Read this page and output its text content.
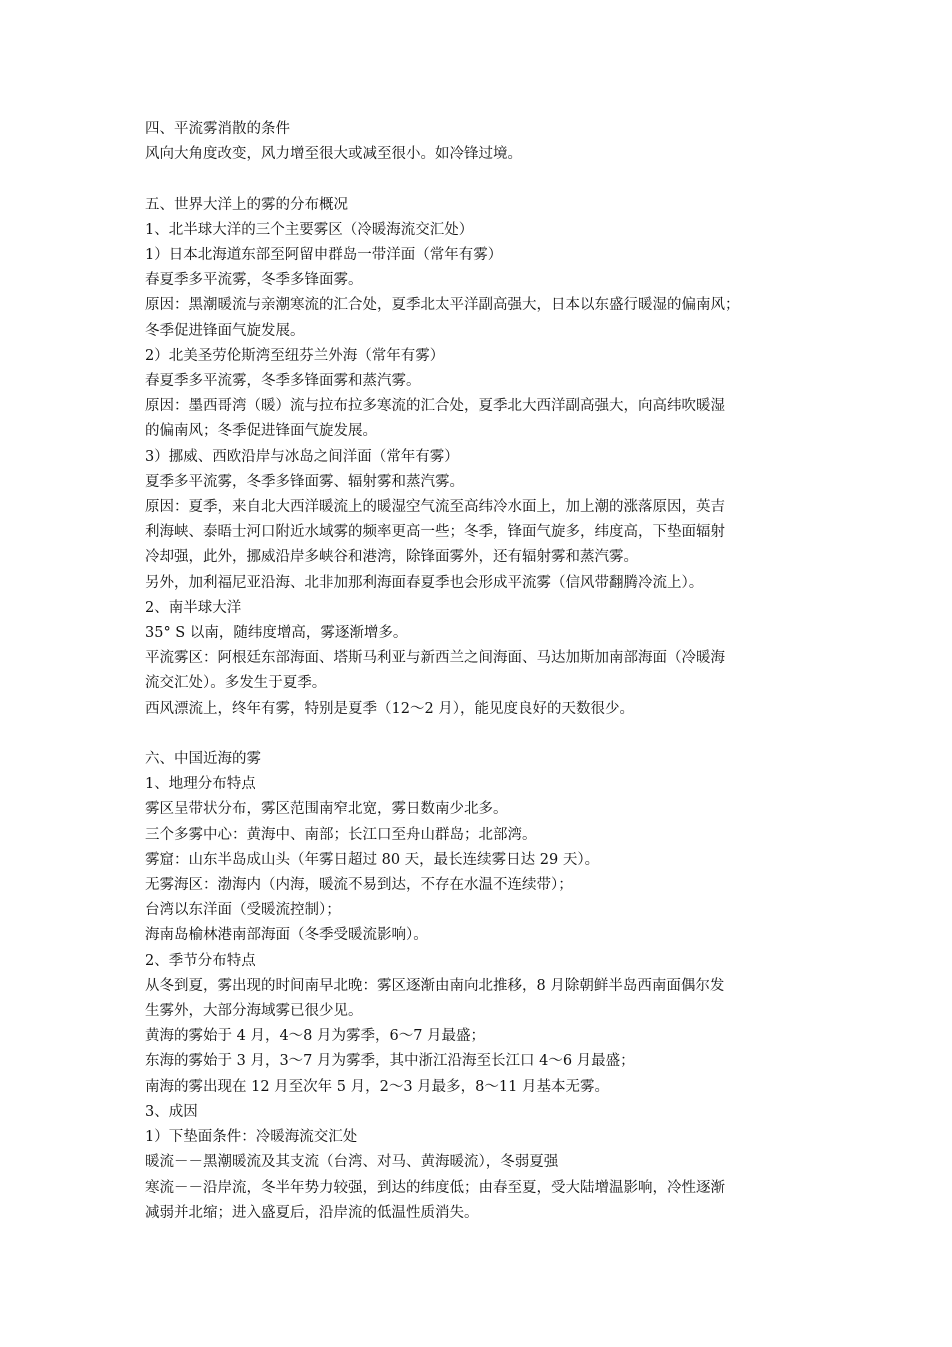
四、平流雾消散的条件
风向大角度改变，风力增至很大或减至很小。如冷锋过境。
五、世界大洋上的雾的分布概况
1、北半球大洋的三个主要雾区（冷暖海流交汇处）
1）日本北海道东部至阿留申群岛一带洋面（常年有雾）
春夏季多平流雾，冬季多锋面雾。
原因：黑潮暖流与亲潮寒流的汇合处，夏季北太平洋副高强大，日本以东盛行暖湿的偏南风；
冬季促进锋面气旋发展。
2）北美圣劳伦斯湾至纽芬兰外海（常年有雾）
春夏季多平流雾，冬季多锋面雾和蒸汽雾。
原因：墨西哥湾（暖）流与拉布拉多寒流的汇合处，夏季北大西洋副高强大，向高纬吹暖湿
的偏南风；冬季促进锋面气旋发展。
3）挪威、西欧沿岸与冰岛之间洋面（常年有雾）
夏季多平流雾，冬季多锋面雾、辐射雾和蒸汽雾。
原因：夏季，来自北大西洋暖流上的暖湿空气流至高纬冷水面上，加上潮的涨落原因，英吉
利海峡、泰晤士河口附近水域雾的频率更高一些；冬季，锋面气旋多，纬度高，下垫面辐射
冷却强，此外，挪威沿岸多峡谷和港湾，除锋面雾外，还有辐射雾和蒸汽雾。
另外，加利福尼亚沿海、北非加那利海面春夏季也会形成平流雾（信风带翻腾冷流上）。
2、南半球大洋
35° S 以南，随纬度增高，雾逐渐增多。
平流雾区：阿根廷东部海面、塔斯马利亚与新西兰之间海面、马达加斯加南部海面（冷暖海
流交汇处）。多发生于夏季。
西风漂流上，终年有雾，特别是夏季（12～2 月），能见度良好的天数很少。
六、中国近海的雾
1、地理分布特点
雾区呈带状分布，雾区范围南窄北宽，雾日数南少北多。
三个多雾中心：黄海中、南部；长江口至舟山群岛；北部湾。
雾窟：山东半岛成山头（年雾日超过 80 天，最长连续雾日达 29 天）。
无雾海区：渤海内（内海，暖流不易到达，不存在水温不连续带）；
台湾以东洋面（受暖流控制）；
海南岛榆林港南部海面（冬季受暖流影响）。
2、季节分布特点
从冬到夏，雾出现的时间南早北晚：雾区逐渐由南向北推移，8 月除朝鲜半岛西南面偶尔发
生雾外，大部分海域雾已很少见。
黄海的雾始于 4 月，4～8 月为雾季，6～7 月最盛；
东海的雾始于 3 月，3～7 月为雾季，其中浙江沿海至长江口 4～6 月最盛；
南海的雾出现在 12 月至次年 5 月，2～3 月最多，8～11 月基本无雾。
3、成因
1）下垫面条件：冷暖海流交汇处
暖流－－黑潮暖流及其支流（台湾、对马、黄海暖流），冬弱夏强
寒流－－沿岸流，冬半年势力较强，到达的纬度低；由春至夏，受大陆增温影响，冷性逐渐
减弱并北缩；进入盛夏后，沿岸流的低温性质消失。
